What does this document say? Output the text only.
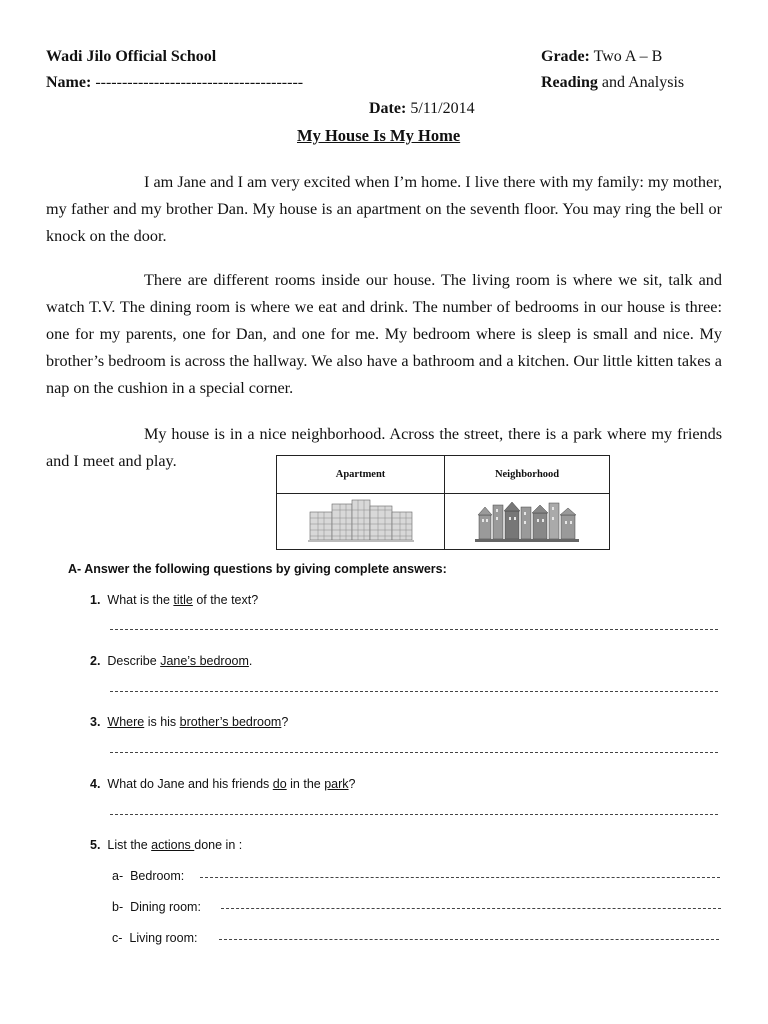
Wadi Jilo Official School	Grade: Two A – B
Name: ---------------------------------------	Reading and Analysis
Date: 5/11/2014
My House Is My Home
I am Jane and I am very excited when I’m home. I live there with my family: my mother, my father and my brother Dan. My house is an apartment on the seventh floor. You may ring the bell or knock on the door.
There are different rooms inside our house. The living room is where we sit, talk and watch T.V. The dining room is where we eat and drink. The number of bedrooms in our house is three: one for my parents, one for Dan, and one for me. My bedroom where is sleep is small and nice. My brother’s bedroom is across the hallway. We also have a bathroom and a kitchen. Our little kitten takes a nap on the cushion in a special corner.
My house is in a nice neighborhood. Across the street, there is a park where my friends and I meet and play.
Apartment	Neighborhood

A- Answer the following questions by giving complete answers:
1. What is the title of the text?
2. Describe Jane’s bedroom.
3. Where is his brother’s bedroom?
4. What do Jane and his friends do in the park?
5. List the actions done in :
a- Bedroom:
b- Dining room:
c- Living room:
